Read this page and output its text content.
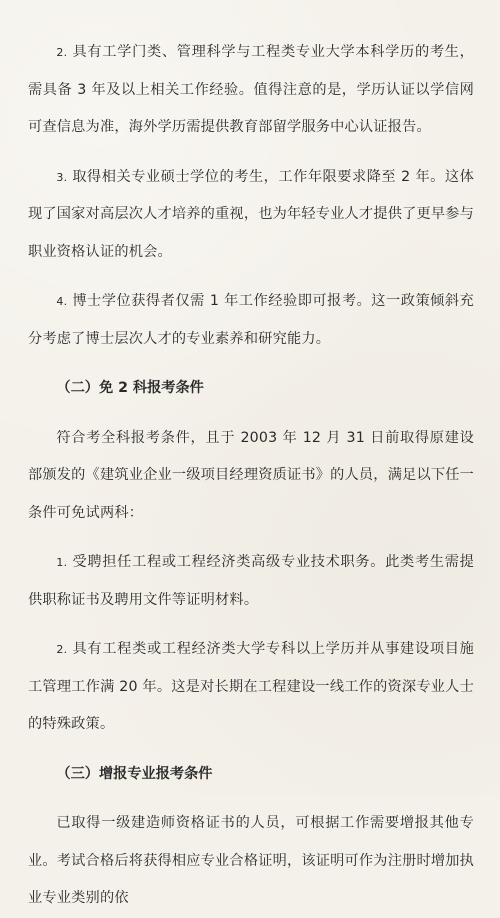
2. 具有工学门类、管理科学与工程类专业大学本科学历的考生，需具备 3 年及以上相关工作经验。值得注意的是，学历认证以学信网可查信息为准，海外学历需提供教育部留学服务中心认证报告。

3. 取得相关专业硕士学位的考生，工作年限要求降至 2 年。这体现了国家对高层次人才培养的重视，也为年轻专业人才提供了更早参与职业资格认证的机会。

4. 博士学位获得者仅需 1 年工作经验即可报考。这一政策倾斜充分考虑了博士层次人才的专业素养和研究能力。

（二）免 2 科报考条件

符合考全科报考条件，且于 2003 年 12 月 31 日前取得原建设部颁发的《建筑业企业一级项目经理资质证书》的人员，满足以下任一条件可免试两科：

1. 受聘担任工程或工程经济类高级专业技术职务。此类考生需提供职称证书及聘用文件等证明材料。

2. 具有工程类或工程经济类大学专科以上学历并从事建设项目施工管理工作满 20 年。这是对长期在工程建设一线工作的资深专业人士的特殊政策。

（三）增报专业报考条件

已取得一级建造师资格证书的人员，可根据工作需要增报其他专业。考试合格后将获得相应专业合格证明，该证明可作为注册时增加执业专业类别的依
